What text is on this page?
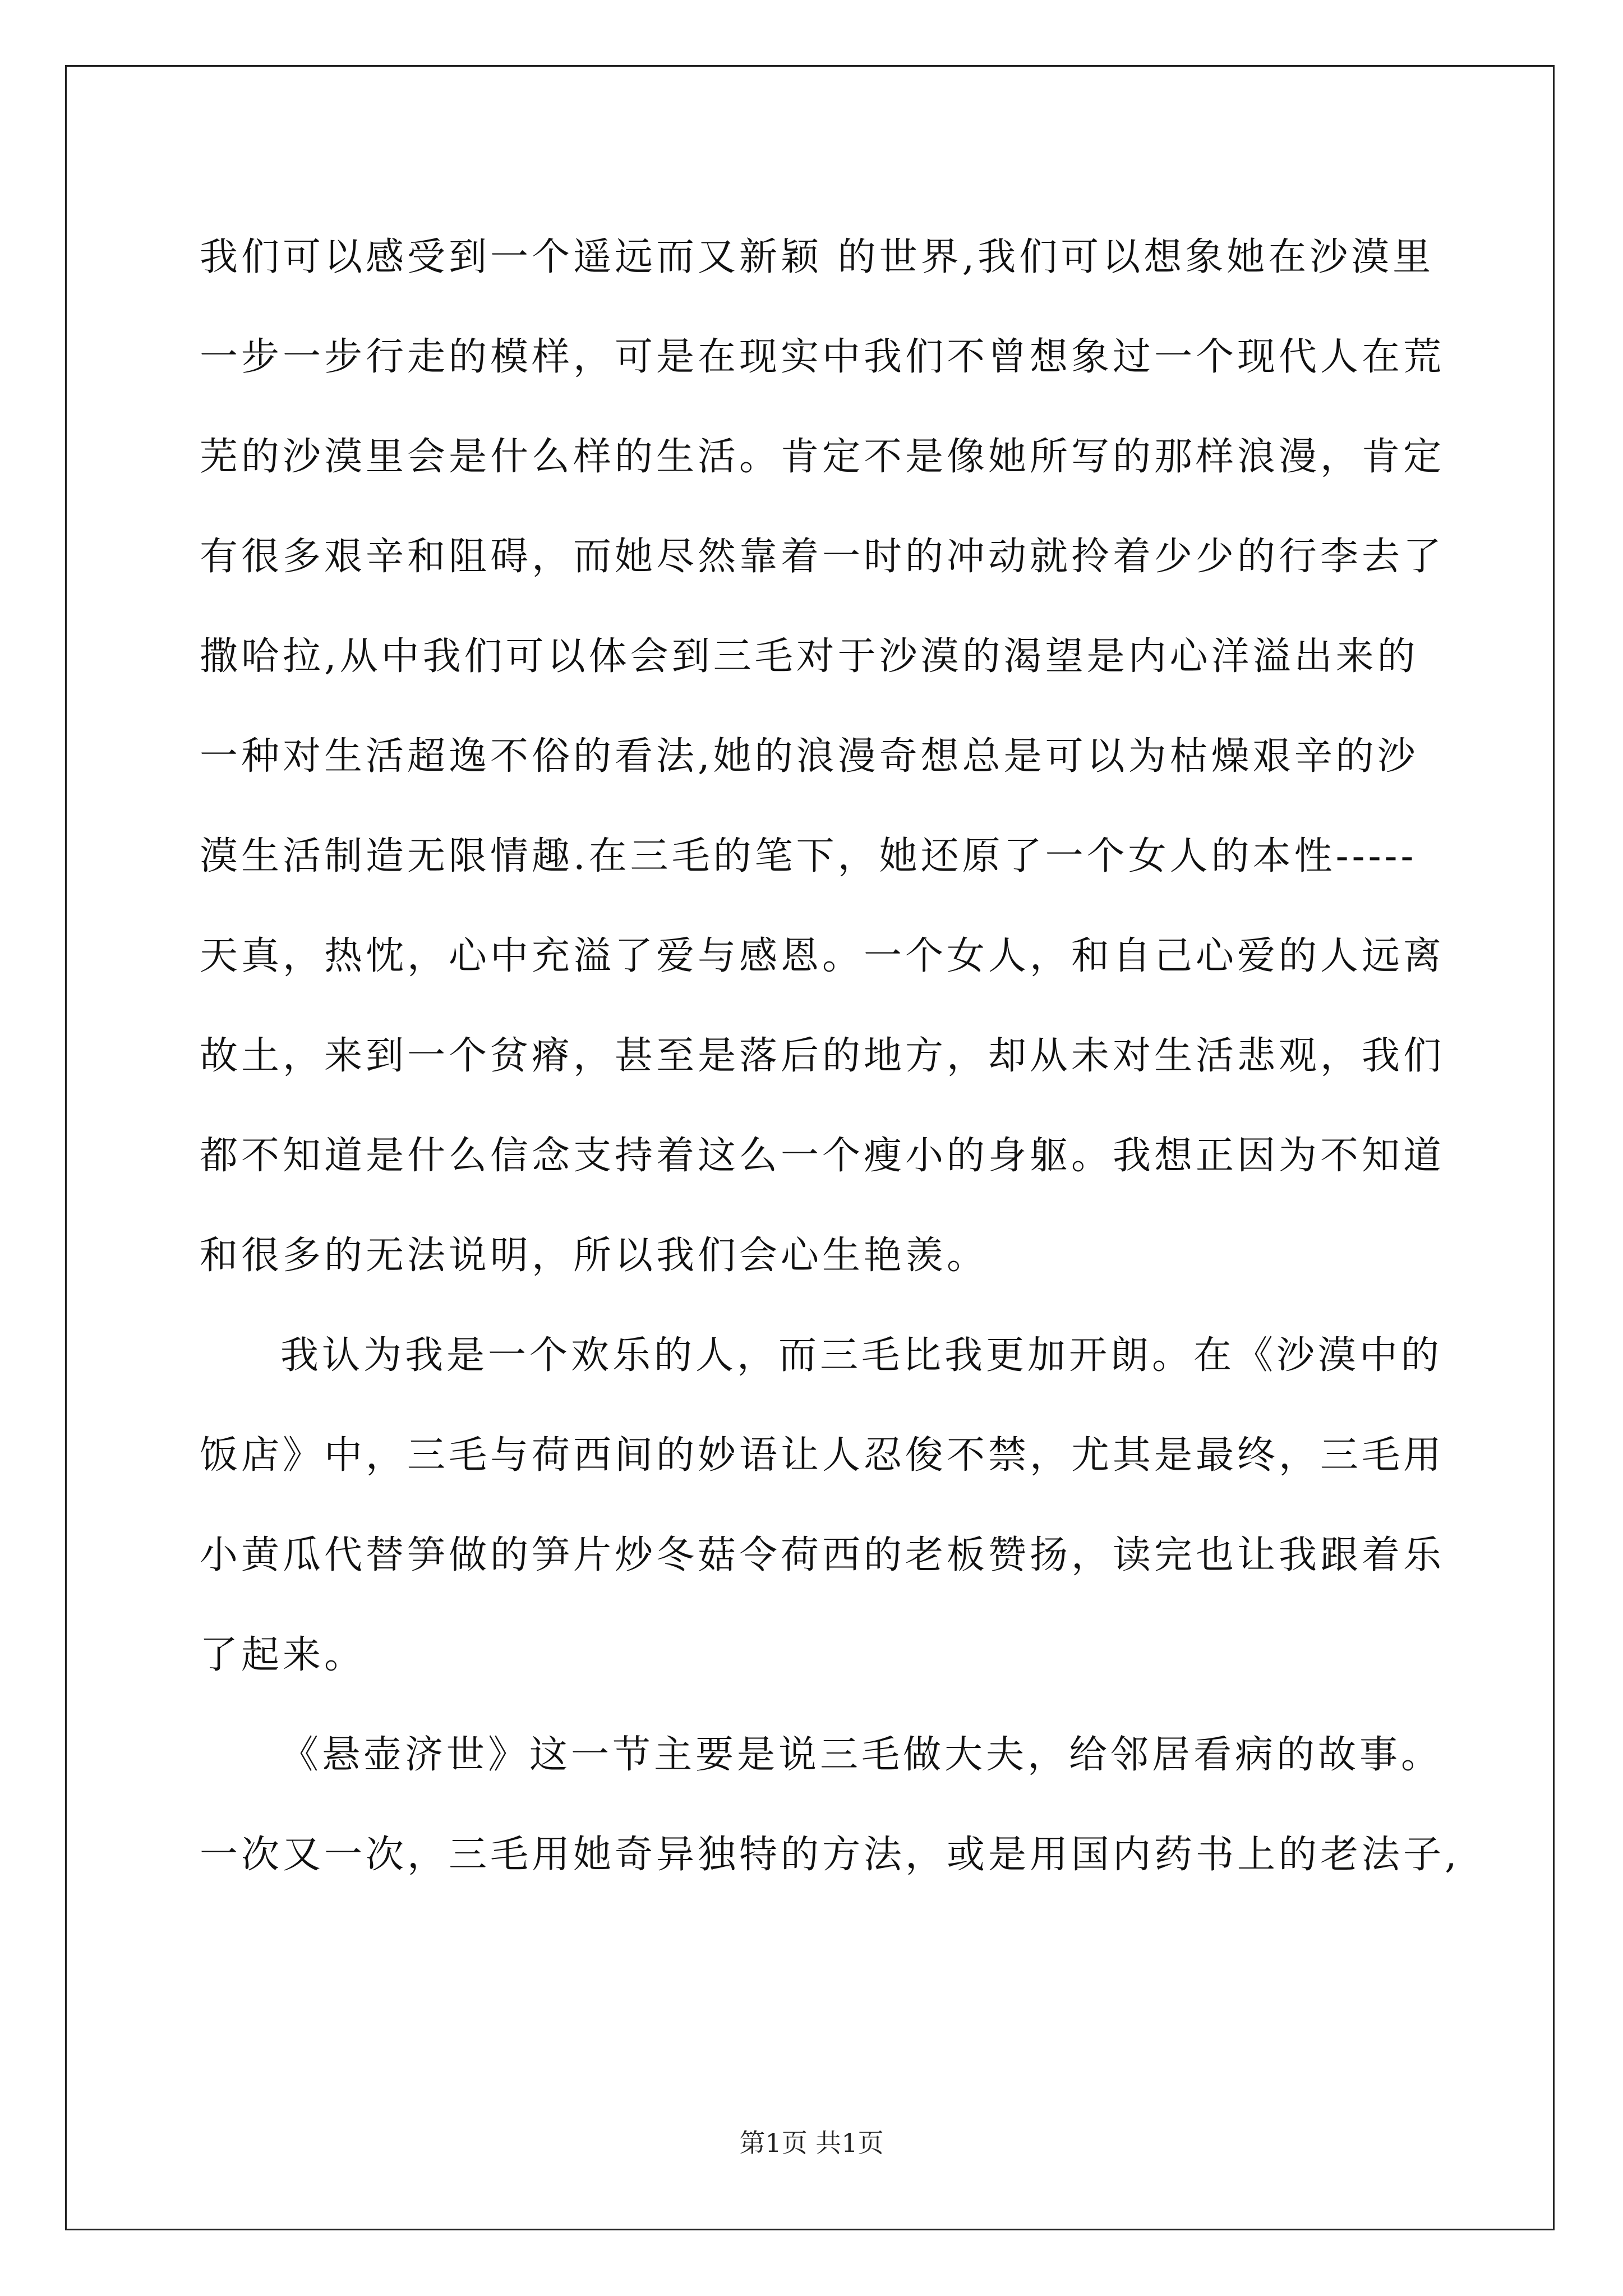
我们可以感受到一个遥远而又新颖 的世界,我们可以想象她在沙漠里
一步一步行走的模样，可是在现实中我们不曾想象过一个现代人在荒
芜的沙漠里会是什么样的生活。肯定不是像她所写的那样浪漫，肯定
有很多艰辛和阻碍，而她尽然靠着一时的冲动就拎着少少的行李去了
撒哈拉,从中我们可以体会到三毛对于沙漠的渴望是内心洋溢出来的
一种对生活超逸不俗的看法,她的浪漫奇想总是可以为枯燥艰辛的沙
漠生活制造无限情趣.在三毛的笔下，她还原了一个女人的本性-----
天真，热忱，心中充溢了爱与感恩。一个女人，和自己心爱的人远离
故土，来到一个贫瘠，甚至是落后的地方，却从未对生活悲观，我们
都不知道是什么信念支持着这么一个瘦小的身躯。我想正因为不知道
和很多的无法说明，所以我们会心生艳羡。
我认为我是一个欢乐的人，而三毛比我更加开朗。在《沙漠中的
饭店》中，三毛与荷西间的妙语让人忍俊不禁，尤其是最终，三毛用
小黄瓜代替笋做的笋片炒冬菇令荷西的老板赞扬，读完也让我跟着乐
了起来。
《悬壶济世》这一节主要是说三毛做大夫，给邻居看病的故事。
一次又一次，三毛用她奇异独特的方法，或是用国内药书上的老法子,
第1页 共1页
